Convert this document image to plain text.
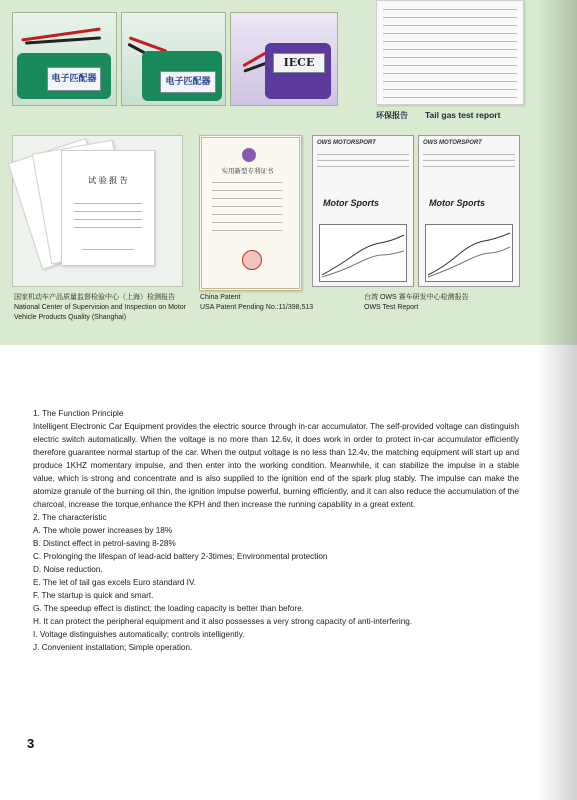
电子匹配器	电子匹配器
IECE
环保报告 Tail gas test report
试 验 报 告
国家机动车产品质量监督检验中心（上海）检测报告
National Center of Supervision and Inspection on Motor
Vehicle Products Quality (Shanghai)
实用新型专利证书
China Patent
USA Patent Pending No.:11/398,513
OWS MOTORSPORT
Motor Sports
OWS MOTORSPORT
Motor Sports
台湾 OWS 赛车研发中心检测报告
OWS Test Report

1. The Function Principle

Intelligent Electronic Car Equipment provides the electric source through in-car accumulator. The self-provided voltage can distinguish electric switch automatically. When the voltage is no more than 12.6v, it does work in order to protect in-car accumulator efficiently therefore guarantee normal startup of the car. When the output voltage is no less than 12.4v, the matching equipment will start up and produce 1KHZ momentary impulse, and then enter into the working condition. Meanwhile, it can stabilize the impulse in a stable value, which is strong and concentrate and is also supplied to the ignition end of the spark plug stably. The impulse can make the atomize granule of the burning oil thin, the ignition impulse powerful, burning efficiently, and it can also reduce the accumulation of the charcoal, increase the torque,enhance the KPH and then increase the running capability in a great extent.

2. The characteristic

A. The whole power increases by 18%

B. Distinct effect in petrol-saving 8-28%

C. Prolonging the lifespan of lead-acid battery 2-3times; Environmental protection

D. Noise reduction.

E. The let of tail gas excels Euro standard IV.

F. The startup is quick and smart.

G. The speedup effect is distinct; the loading capacity is better than before.

H. It can protect the peripheral equipment and it also possesses a very strong capacity of anti-interfering.

I. Voltage distinguishes automatically; controls intelligently.

J. Convenient installation; Simple operation.

3
